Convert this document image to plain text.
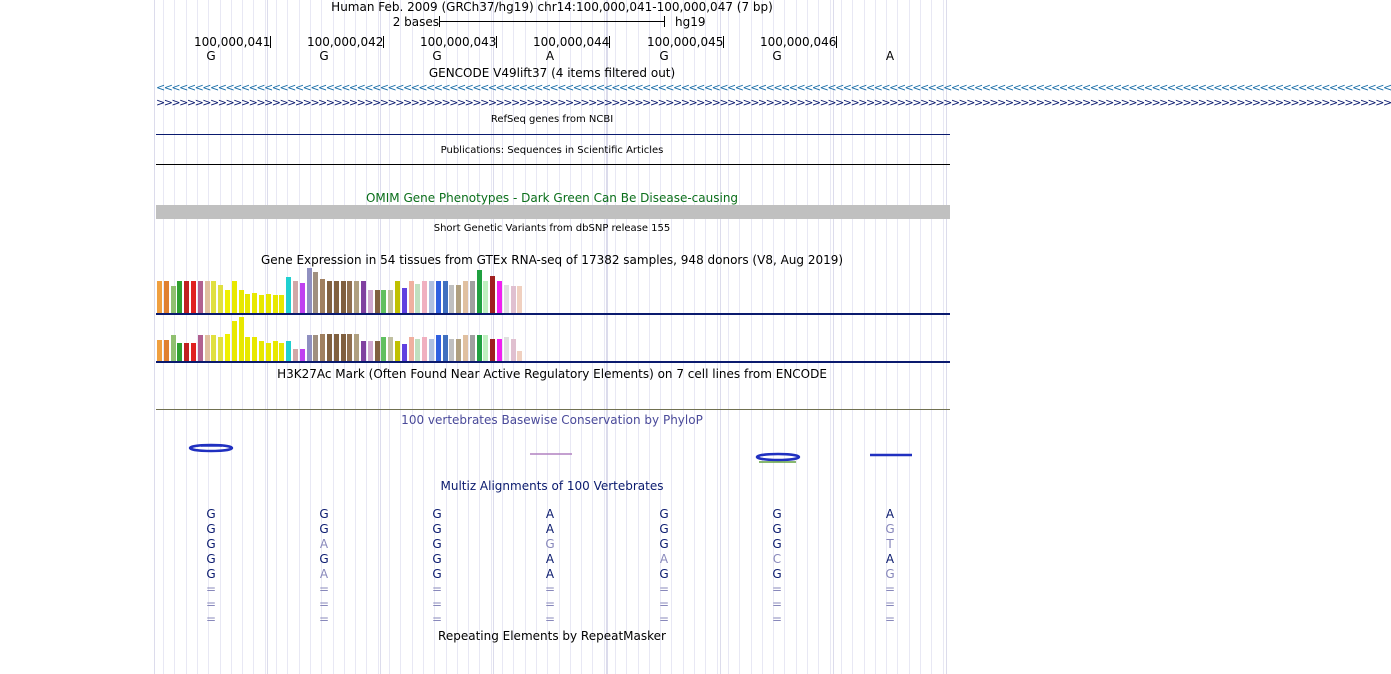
Human Feb. 2009 (GRCh37/hg19) chr14:100,000,041-100,000,047 (7 bp)
2 bases	hg19
100,000,041	100,000,042	100,000,043	100,000,044	100,000,045	100,000,046
G	G	G	A	G	G	A
GENCODE V49lift37 (4 items filtered out)
<<<<<<<<<<<<<<<<<<<<<<<<<<<<<<<<<<<<<<<<<<<<<<<<<<<<<<<<<<<<<<<<<<<<<<<<<<<<<<<<<<<<<<<<<<<<<<<<<<<<<<<<<<<<<<<<<<<<<<<<<<<<<<<<<<<<<<<<<<<<<<<<<<<<<<<<<<<<<<<<
>>>>>>>>>>>>>>>>>>>>>>>>>>>>>>>>>>>>>>>>>>>>>>>>>>>>>>>>>>>>>>>>>>>>>>>>>>>>>>>>>>>>>>>>>>>>>>>>>>>>>>>>>>>>>>>>>>>>>>>>>>>>>>>>>>>>>>>>>>>>>>>>>>>>>>>>>>>>>>>>
RefSeq genes from NCBI
Publications: Sequences in Scientific Articles
OMIM Gene Phenotypes - Dark Green Can Be Disease-causing
Short Genetic Variants from dbSNP release 155
Gene Expression in 54 tissues from GTEx RNA-seq of 17382 samples, 948 donors (V8, Aug 2019)
H3K27Ac Mark (Often Found Near Active Regulatory Elements) on 7 cell lines from ENCODE
100 vertebrates Basewise Conservation by PhyloP
Multiz Alignments of 100 Vertebrates
G	G	G	A	G	G	A
G	G	G	A	G	G	G
G	A	G	G	G	G	T
G	G	G	A	A	C	A
G	A	G	A	G	G	G
=	=	=	=	=	=	=
=	=	=	=	=	=	=
=	=	=	=	=	=	=
Repeating Elements by RepeatMasker
